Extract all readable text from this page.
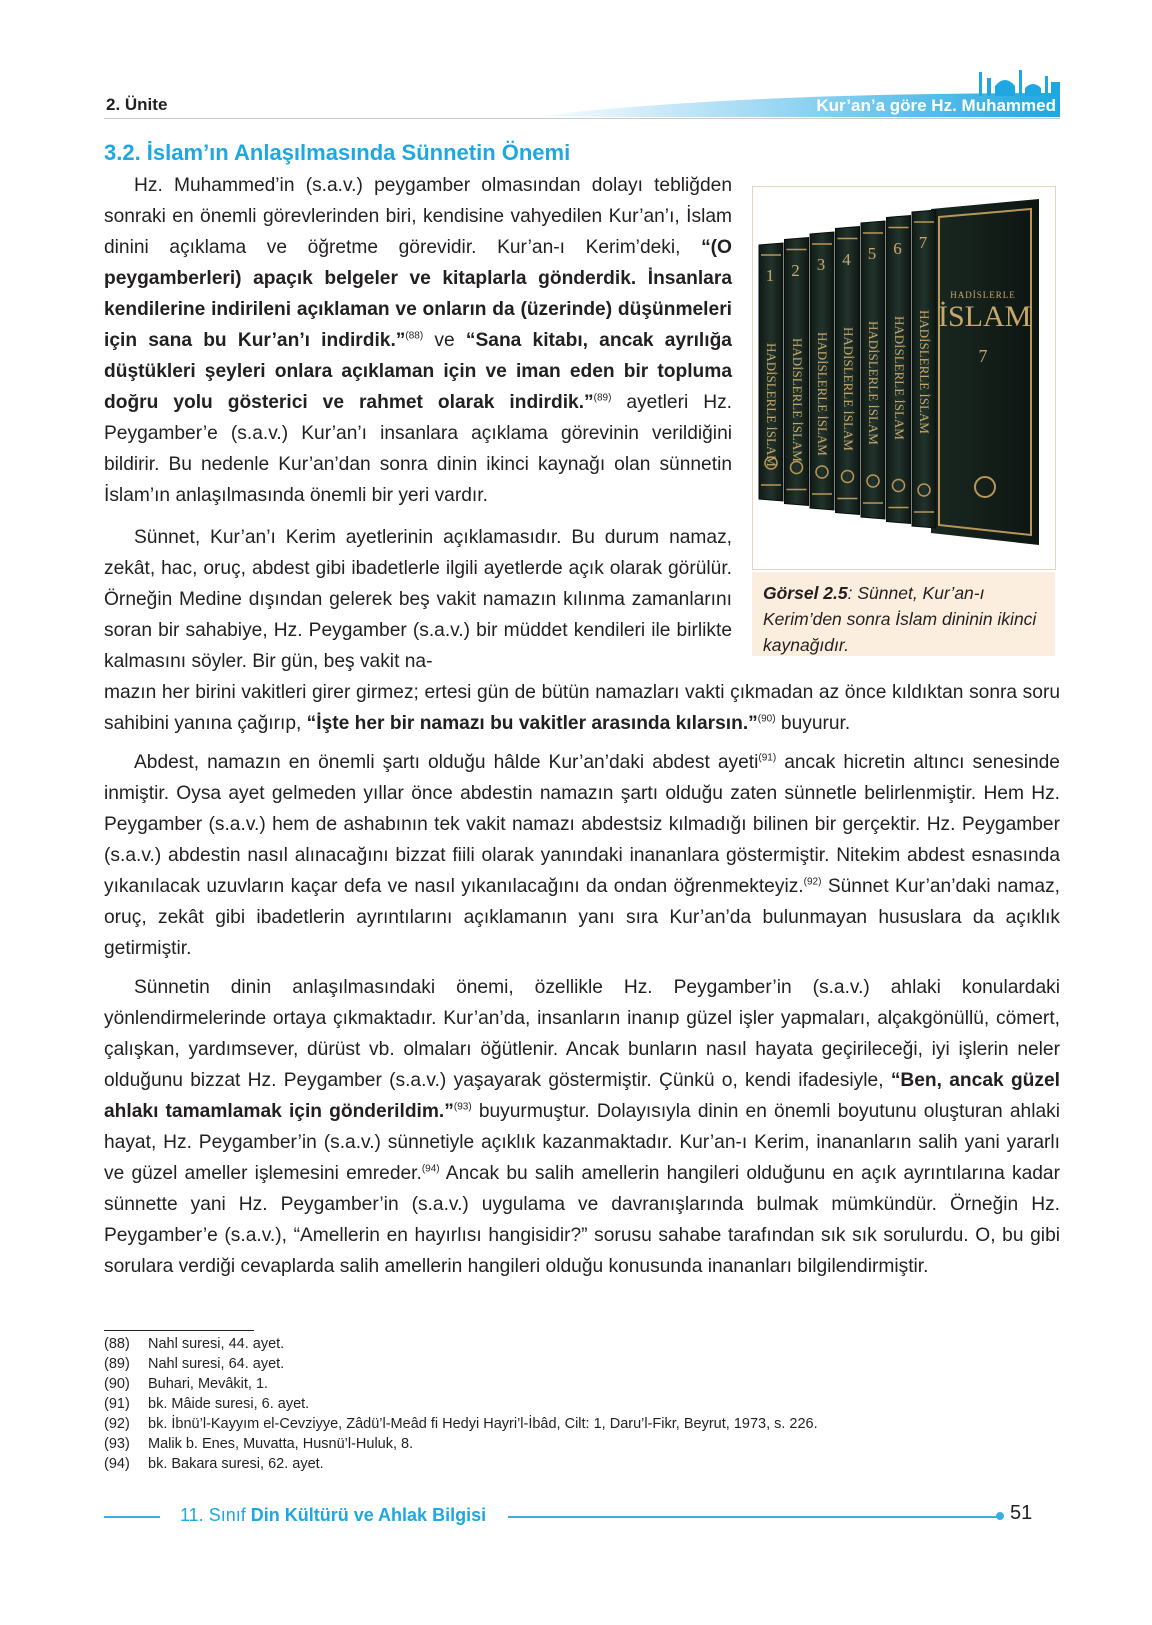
2. Ünite	Kur’an’a göre Hz. Muhammed
3.2. İslam’ın Anlaşılmasında Sünnetin Önemi

Hz. Muhammed’in (s.a.v.) peygamber olmasından dolayı tebliğden sonraki en önemli görevlerinden biri, kendisine vahyedilen Kur’an’ı, İslam dinini açıklama ve öğretme görevidir. Kur’an-ı Kerim’deki, “(O peygamberleri) apaçık belgeler ve kitaplarla gönderdik. İnsanlara kendilerine indirileni açıklaman ve onların da (üzerinde) düşünmeleri için sana bu Kur’an’ı indirdik.”$^{(88)}$ ve “Sana kitabı, ancak ayrılığa düştükleri şeyleri onlara açıklaman için ve iman eden bir topluma doğru yolu gösterici ve rahmet olarak indirdik.”$^{(89)}$ ayetleri Hz. Peygamber’e (s.a.v.) Kur’an’ı insanlara açıklama görevinin verildiğini bildirir. Bu nedenle Kur’an’dan sonra dinin ikinci kaynağı olan sünnetin İslam’ın anlaşılmasında önemli bir yeri vardır.

Sünnet, Kur’an’ı Kerim ayetlerinin açıklamasıdır. Bu durum namaz, zekât, hac, oruç, abdest gibi ibadetlerle ilgili ayetlerde açık olarak görülür. Örneğin Medine dışından gelerek beş vakit namazın kılınma zamanlarını soran bir sahabiye, Hz. Peygamber (s.a.v.) bir müddet kendileri ile birlikte kalmasını söyler. Bir gün, beş vakit na-

mazın her birini vakitleri girer girmez; ertesi gün de bütün namazları vakti çıkmadan az önce kıldıktan sonra soru sahibini yanına çağırıp, “İşte her bir namazı bu vakitler arasında kılarsın.”$^{(90)}$ buyurur.

Abdest, namazın en önemli şartı olduğu hâlde Kur’an’daki abdest ayeti$^{(91)}$ ancak hicretin altıncı senesinde inmiştir. Oysa ayet gelmeden yıllar önce abdestin namazın şartı olduğu zaten sünnetle belirlenmiştir. Hem Hz. Peygamber (s.a.v.) hem de ashabının tek vakit namazı abdestsiz kılmadığı bilinen bir gerçektir. Hz. Peygamber (s.a.v.) abdestin nasıl alınacağını bizzat fiili olarak yanındaki inananlara göstermiştir. Nitekim abdest esnasında yıkanılacak uzuvların kaçar defa ve nasıl yıkanılacağını da ondan öğrenmekteyiz.$^{(92)}$ Sünnet Kur’an’daki namaz, oruç, zekât gibi ibadetlerin ayrıntılarını açıklamanın yanı sıra Kur’an’da bulunmayan hususlara da açıklık getirmiştir.

Sünnetin dinin anlaşılmasındaki önemi, özellikle Hz. Peygamber’in (s.a.v.) ahlaki konulardaki yönlendirmelerinde ortaya çıkmaktadır. Kur’an’da, insanların inanıp güzel işler yapmaları, alçakgönüllü, cömert, çalışkan, yardımsever, dürüst vb. olmaları öğütlenir. Ancak bunların nasıl hayata geçirileceği, iyi işlerin neler olduğunu bizzat Hz. Peygamber (s.a.v.) yaşayarak göstermiştir. Çünkü o, kendi ifadesiyle, “Ben, ancak güzel ahlakı tamamlamak için gönderildim.”$^{(93)}$ buyurmuştur. Dolayısıyla dinin en önemli boyutunu oluşturan ahlaki hayat, Hz. Peygamber’in (s.a.v.) sünnetiyle açıklık kazanmaktadır. Kur’an-ı Kerim, inananların salih yani yararlı ve güzel ameller işlemesini emreder.$^{(94)}$ Ancak bu salih amellerin hangileri olduğunu en açık ayrıntılarına kadar sünnette yani Hz. Peygamber’in (s.a.v.) uygulama ve davranışlarında bulmak mümkündür. Örneğin Hz. Peygamber’e (s.a.v.), “Amellerin en hayırlısı hangisidir?” sorusu sahabe tarafından sık sık sorulurdu. O, bu gibi sorulara verdiği cevaplarda salih amellerin hangileri olduğu konusunda inananları bilgilendirmiştir.

HADİSLERLE
İSLAM
7
1
HADİSLERLE İSLAM
2
HADİSLERLE İSLAM
3
HADİSLERLE İSLAM
4
HADİSLERLE İSLAM
5
HADİSLERLE İSLAM
6
HADİSLERLE İSLAM
7
HADİSLERLE İSLAM
Görsel 2.5: Sünnet, Kur’an-ı Kerim’den sonra İslam dininin ikinci kaynağıdır.
(88)	Nahl suresi, 44. ayet.
(89)	Nahl suresi, 64. ayet.
(90)	Buhari, Mevâkit, 1.
(91)	bk. Mâide suresi, 6. ayet.
(92)	bk. İbnü’l-Kayyım el-Cevziyye, Zâdü’l-Meâd fi Hedyi Hayri’l-İbâd, Cilt: 1, Daru’l-Fikr, Beyrut, 1973, s. 226.
(93)	Malik b. Enes, Muvatta, Husnü’l-Huluk, 8.
(94)	bk. Bakara suresi, 62. ayet.
11. Sınıf Din Kültürü ve Ahlak Bilgisi	51
